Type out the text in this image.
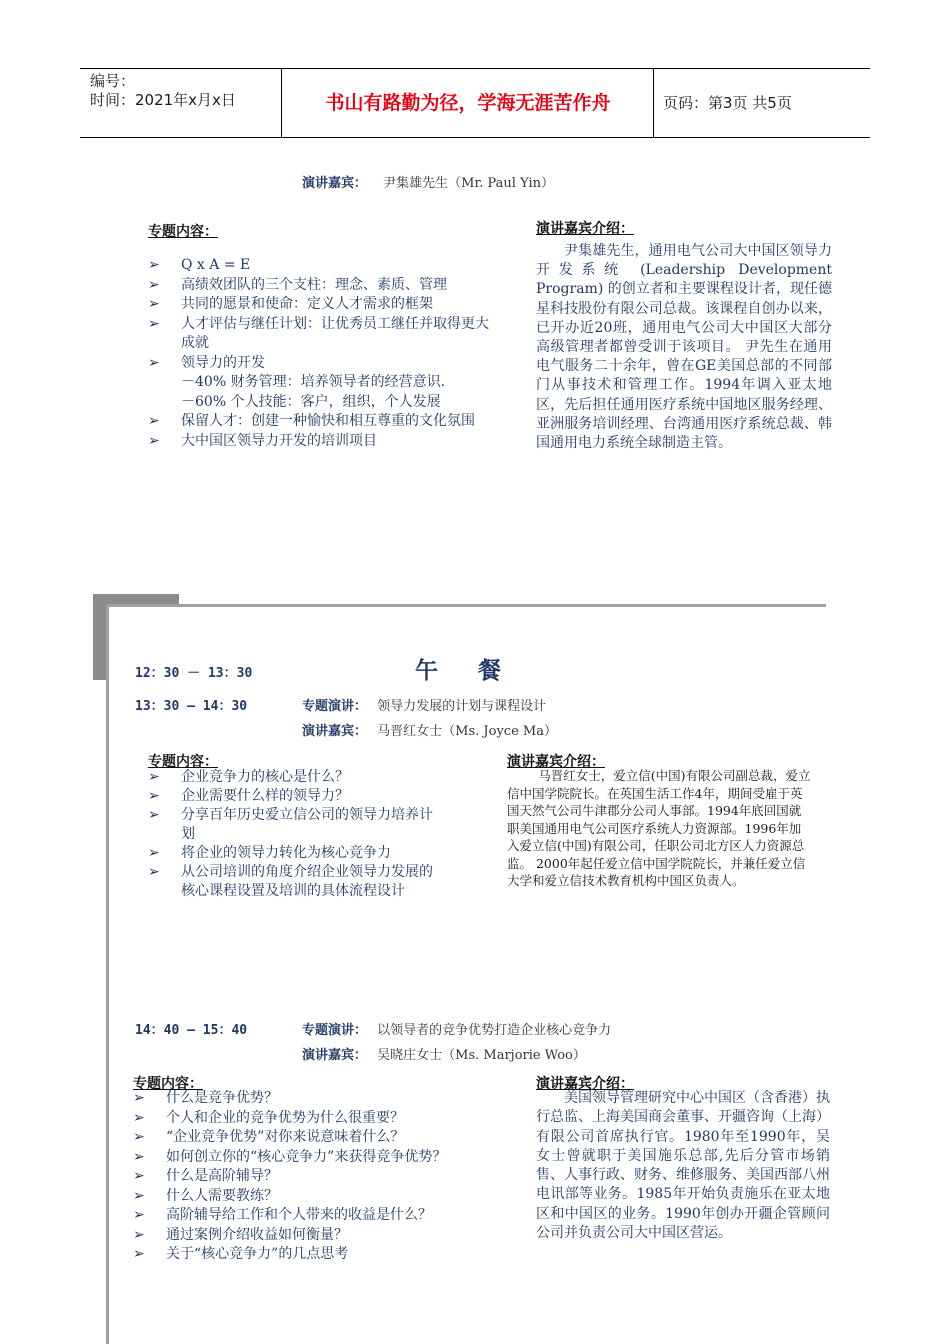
编号：
时间：2021年x月x日	书山有路勤为径，学海无涯苦作舟	页码：第3页 共5页
演讲嘉宾： 尹集雄先生（Mr. Paul Yin）
专题内容：
➢ Q x A = E
➢ 高绩效团队的三个支柱：理念、素质、管理
➢ 共同的愿景和使命：定义人才需求的框架
➢ 人才评估与继任计划：让优秀员工继任并取得更大成就
➢ 领导力的开发
－40% 财务管理：培养领导者的经营意识.
－60% 个人技能：客户，组织，个人发展
➢ 保留人才：创建一种愉快和相互尊重的文化氛围
➢ 大中国区领导力开发的培训项目
演讲嘉宾介绍：
尹集雄先生，通用电气公司大中国区领导力开发系统 (Leadership Development Program) 的创立者和主要课程设计者，现任德星科技股份有限公司总裁。该课程自创办以来，已开办近20班，通用电气公司大中国区大部分高级管理者都曾受训于该项目。 尹先生在通用电气服务二十余年，曾在GE美国总部的不同部门从事技术和管理工作。1994年调入亚太地区，先后担任通用医疗系统中国地区服务经理、亚洲服务培训经理、台湾通用医疗系统总裁、韩国通用电力系统全球制造主管。
12：30 － 13：30	午     餐
13：30 — 14：30	专题演讲： 领导力发展的计划与课程设计
演讲嘉宾： 马晋红女士（Ms. Joyce Ma）
专题内容：
➢ 企业竞争力的核心是什么？
➢ 企业需要什么样的领导力？
➢ 分享百年历史爱立信公司的领导力培养计划
➢ 将企业的领导力转化为核心竞争力
➢ 从公司培训的角度介绍企业领导力发展的核心课程设置及培训的具体流程设计
演讲嘉宾介绍：
马晋红女士，爱立信(中国)有限公司副总裁，爱立信中国学院院长。在英国生活工作4年，期间受雇于英国天然气公司牛津郡分公司人事部。1994年底回国就职美国通用电气公司医疗系统人力资源部。1996年加入爱立信(中国)有限公司，任职公司北方区人力资源总监。 2000年起任爱立信中国学院院长，并兼任爱立信大学和爱立信技术教育机构中国区负责人。
14：40 — 15：40	专题演讲： 以领导者的竞争优势打造企业核心竞争力
演讲嘉宾： 吴晓庄女士（Ms. Marjorie Woo）
专题内容：
➢ 什么是竞争优势？
➢ 个人和企业的竞争优势为什么很重要？
➢ “企业竞争优势”对你来说意味着什么？
➢ 如何创立你的“核心竞争力”来获得竞争优势？
➢ 什么是高阶辅导？
➢ 什么人需要教练？
➢ 高阶辅导给工作和个人带来的收益是什么？
➢ 通过案例介绍收益如何衡量？
➢ 关于“核心竞争力”的几点思考
演讲嘉宾介绍：
美国领导管理研究中心中国区（含香港）执行总监、上海美国商会董事、开疆咨询（上海）有限公司首席执行官。1980年至1990年，吴女士曾就职于美国施乐总部,先后分管市场销售、人事行政、财务、维修服务、美国西部八州电讯部等业务。1985年开始负责施乐在亚太地区和中国区的业务。1990年创办开疆企管顾问公司并负责公司大中国区营运。
